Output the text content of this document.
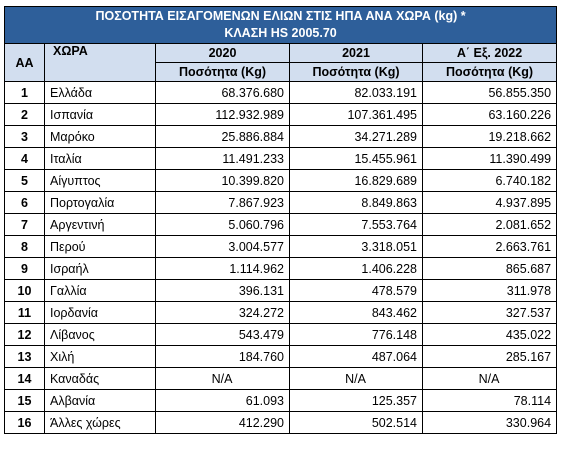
ΠΟΣΟΤΗΤΑ ΕΙΣΑΓΟΜΕΝΩΝ ΕΛΙΩΝ ΣΤΙΣ ΗΠΑ ΑΝΑ ΧΩΡΑ (kg) *
ΚΛΑΣΗ HS 2005.70				

ΑΑ	ΧΩΡΑ	2020	2021	Α΄ Εξ. 2022
		Ποσότητα (Kg)	Ποσότητα (Kg)	Ποσότητα (Kg)
1	Ελλάδα	68.376.680	82.033.191	56.855.350
2	Ισπανία	112.932.989	107.361.495	63.160.226
3	Μαρόκο	25.886.884	34.271.289	19.218.662
4	Ιταλία	11.491.233	15.455.961	11.390.499
5	Αίγυπτος	10.399.820	16.829.689	6.740.182
6	Πορτογαλία	7.867.923	8.849.863	4.937.895
7	Αργεντινή	5.060.796	7.553.764	2.081.652
8	Περού	3.004.577	3.318.051	2.663.761
9	Ισραήλ	1.114.962	1.406.228	865.687
10	Γαλλία	396.131	478.579	311.978
11	Ιορδανία	324.272	843.462	327.537
12	Λίβανος	543.479	776.148	435.022
13	Χιλή	184.760	487.064	285.167
14	Καναδάς	N/A	N/A	N/A
15	Αλβανία	61.093	125.357	78.114
16	Άλλες χώρες	412.290	502.514	330.964
